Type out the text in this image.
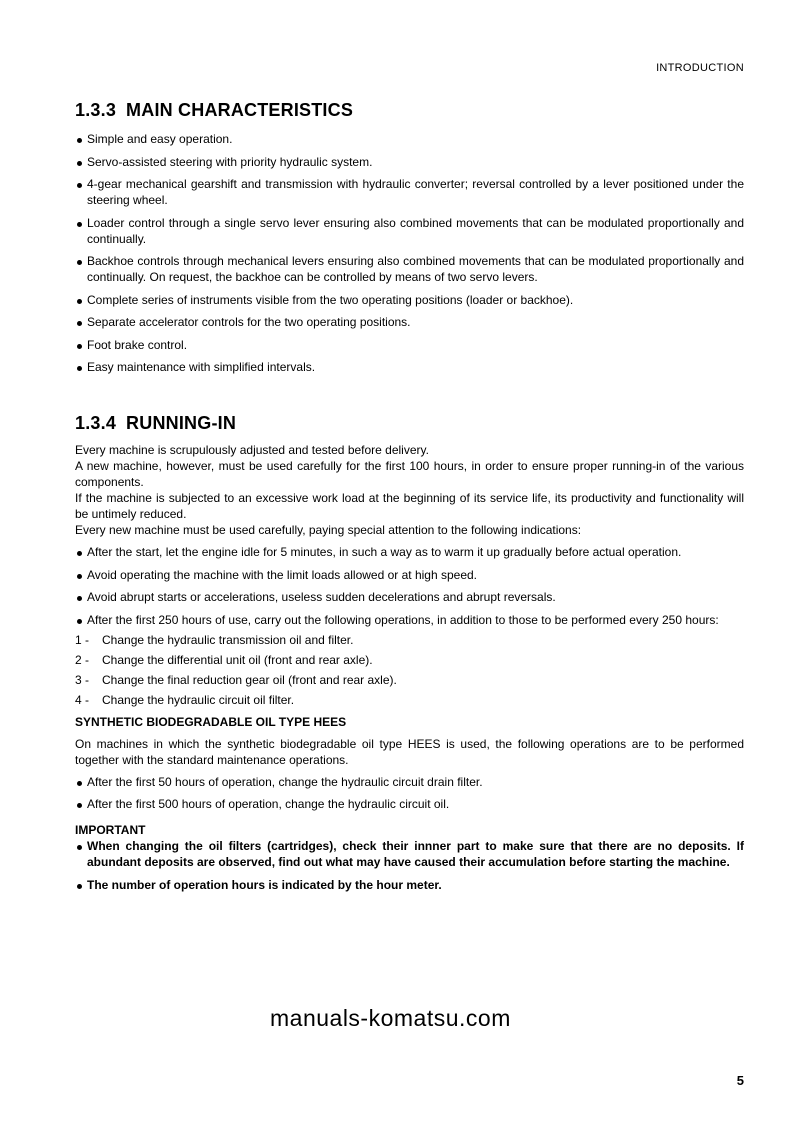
INTRODUCTION
1.3.3 MAIN CHARACTERISTICS
Simple and easy operation.
Servo-assisted steering with priority hydraulic system.
4-gear mechanical gearshift and transmission with hydraulic converter; reversal controlled by a lever positioned under the steering wheel.
Loader control through a single servo lever ensuring also combined movements that can be modulated proportionally and continually.
Backhoe controls through mechanical levers ensuring also combined movements that can be modulated proportionally and continually. On request, the backhoe can be controlled by means of two servo levers.
Complete series of instruments visible from the two operating positions (loader or backhoe).
Separate accelerator controls for the two operating positions.
Foot brake control.
Easy maintenance with simplified intervals.
1.3.4 RUNNING-IN

Every machine is scrupulously adjusted and tested before delivery.

A new machine, however, must be used carefully for the first 100 hours, in order to ensure proper running-in of the various components.

If the machine is subjected to an excessive work load at the beginning of its service life, its productivity and functionality will be untimely reduced.

Every new machine must be used carefully, paying special attention to the following indications:

After the start, let the engine idle for 5 minutes, in such a way as to warm it up gradually before actual operation.
Avoid operating the machine with the limit loads allowed or at high speed.
Avoid abrupt starts or accelerations, useless sudden decelerations and abrupt reversals.
After the first 250 hours of use, carry out the following operations, in addition to those to be performed every 250 hours:
1 -	Change the hydraulic transmission oil and filter.
2 -	Change the differential unit oil (front and rear axle).
3 -	Change the final reduction gear oil (front and rear axle).
4 -	Change the hydraulic circuit oil filter.
SYNTHETIC BIODEGRADABLE OIL TYPE HEES

On machines in which the synthetic biodegradable oil type HEES is used, the following operations are to be performed together with the standard maintenance operations.

After the first 50 hours of operation, change the hydraulic circuit drain filter.
After the first 500 hours of operation, change the hydraulic circuit oil.
IMPORTANT
When changing the oil filters (cartridges), check their innner part to make sure that there are no deposits. If abundant deposits are observed, find out what may have caused their accumulation before starting the machine.
The number of operation hours is indicated by the hour meter.
manuals-komatsu.com
5
